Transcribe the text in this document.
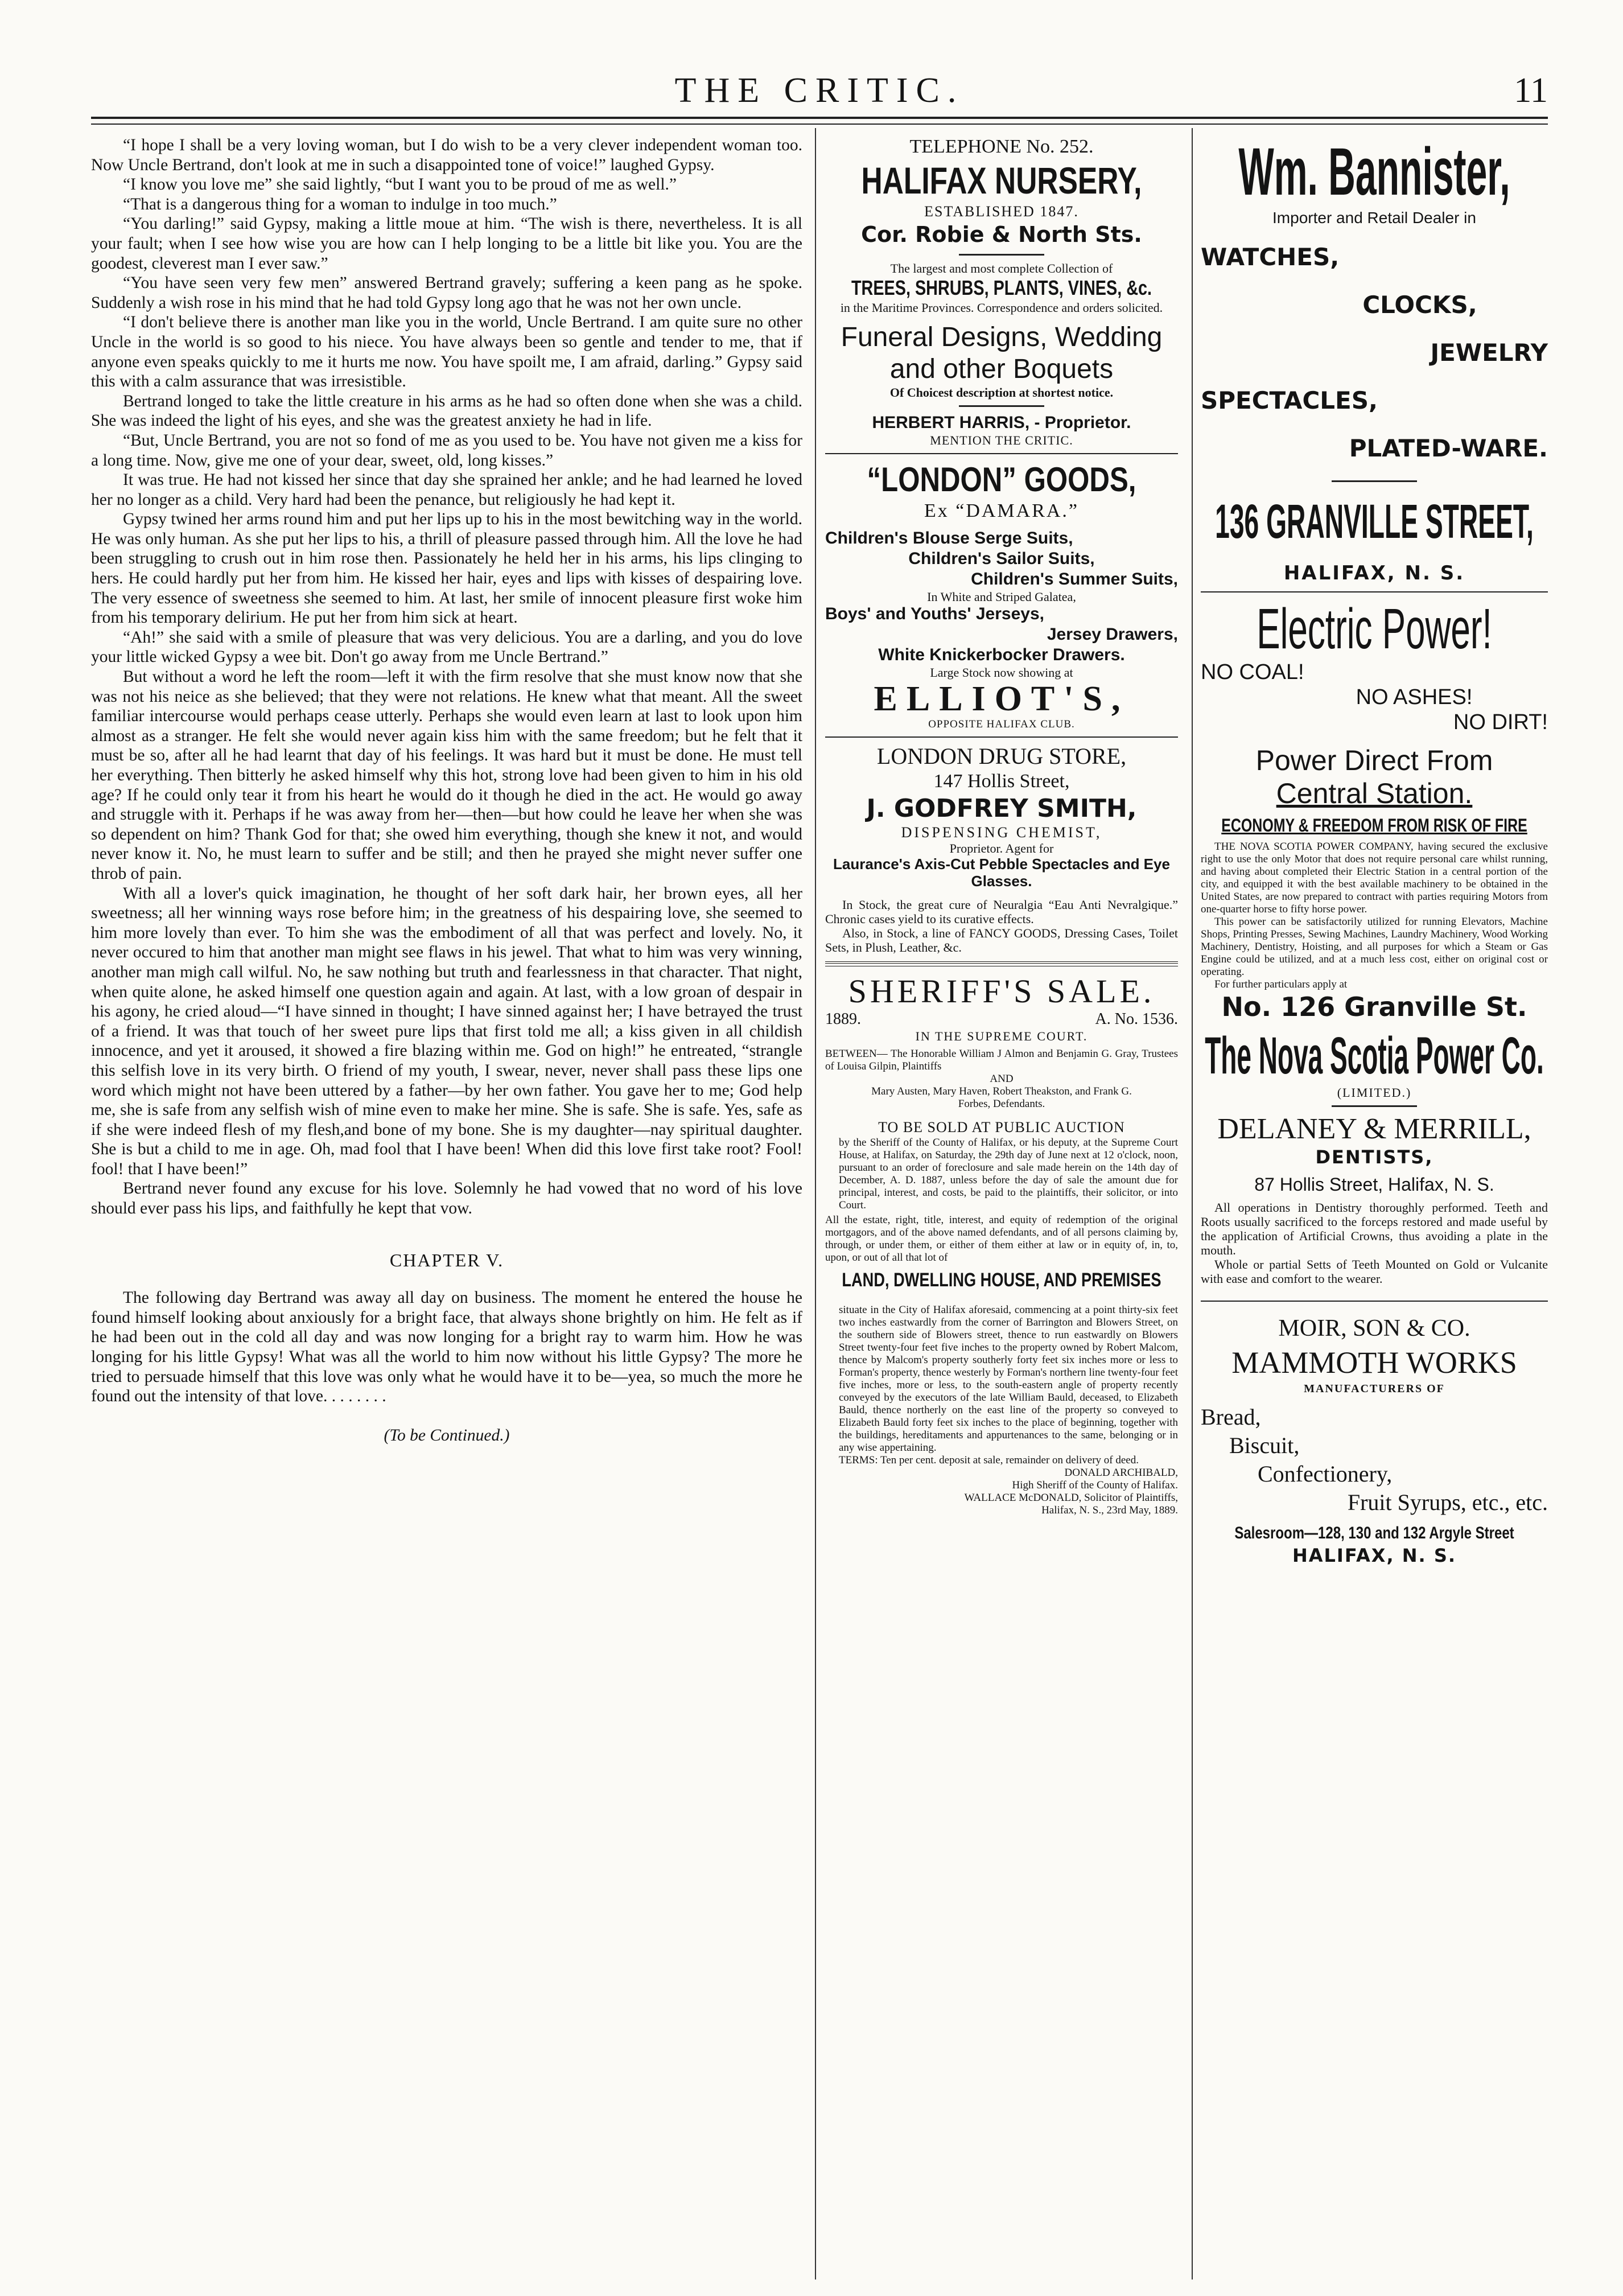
THE CRITIC.	11

“I hope I shall be a very loving woman, but I do wish to be a very clever independent woman too. Now Uncle Bertrand, don't look at me in such a disappointed tone of voice!” laughed Gypsy.

“I know you love me” she said lightly, “but I want you to be proud of me as well.”

“That is a dangerous thing for a woman to indulge in too much.”

“You darling!” said Gypsy, making a little moue at him. “The wish is there, nevertheless. It is all your fault; when I see how wise you are how can I help longing to be a little bit like you. You are the goodest, cleverest man I ever saw.”

“You have seen very few men” answered Bertrand gravely; suffering a keen pang as he spoke. Suddenly a wish rose in his mind that he had told Gypsy long ago that he was not her own uncle.

“I don't believe there is another man like you in the world, Uncle Bertrand. I am quite sure no other Uncle in the world is so good to his niece. You have always been so gentle and tender to me, that if anyone even speaks quickly to me it hurts me now. You have spoilt me, I am afraid, darling.” Gypsy said this with a calm assurance that was irresistible.

Bertrand longed to take the little creature in his arms as he had so often done when she was a child. She was indeed the light of his eyes, and she was the greatest anxiety he had in life.

“But, Uncle Bertrand, you are not so fond of me as you used to be. You have not given me a kiss for a long time. Now, give me one of your dear, sweet, old, long kisses.”

It was true. He had not kissed her since that day she sprained her ankle; and he had learned he loved her no longer as a child. Very hard had been the penance, but religiously he had kept it.

Gypsy twined her arms round him and put her lips up to his in the most bewitching way in the world. He was only human. As she put her lips to his, a thrill of pleasure passed through him. All the love he had been struggling to crush out in him rose then. Passionately he held her in his arms, his lips clinging to hers. He could hardly put her from him. He kissed her hair, eyes and lips with kisses of despairing love. The very essence of sweetness she seemed to him. At last, her smile of innocent pleasure first woke him from his temporary delirium. He put her from him sick at heart.

“Ah!” she said with a smile of pleasure that was very delicious. You are a darling, and you do love your little wicked Gypsy a wee bit. Don't go away from me Uncle Bertrand.”

But without a word he left the room—left it with the firm resolve that she must know now that she was not his neice as she believed; that they were not relations. He knew what that meant. All the sweet familiar intercourse would perhaps cease utterly. Perhaps she would even learn at last to look upon him almost as a stranger. He felt she would never again kiss him with the same freedom; but he felt that it must be so, after all he had learnt that day of his feelings. It was hard but it must be done. He must tell her everything. Then bitterly he asked himself why this hot, strong love had been given to him in his old age? If he could only tear it from his heart he would do it though he died in the act. He would go away and struggle with it. Perhaps if he was away from her—then—but how could he leave her when she was so dependent on him? Thank God for that; she owed him everything, though she knew it not, and would never know it. No, he must learn to suffer and be still; and then he prayed she might never suffer one throb of pain.

With all a lover's quick imagination, he thought of her soft dark hair, her brown eyes, all her sweetness; all her winning ways rose before him; in the greatness of his despairing love, she seemed to him more lovely than ever. To him she was the embodiment of all that was perfect and lovely. No, it never occured to him that another man might see flaws in his jewel. That what to him was very winning, another man migh call wilful. No, he saw nothing but truth and fearlessness in that character. That night, when quite alone, he asked himself one question again and again. At last, with a low groan of despair in his agony, he cried aloud—“I have sinned in thought; I have sinned against her; I have betrayed the trust of a friend. It was that touch of her sweet pure lips that first told me all; a kiss given in all childish innocence, and yet it aroused, it showed a fire blazing within me. God on high!” he entreated, “strangle this selfish love in its very birth. O friend of my youth, I swear, never, never shall pass these lips one word which might not have been uttered by a father—by her own father. You gave her to me; God help me, she is safe from any selfish wish of mine even to make her mine. She is safe. She is safe. Yes, safe as if she were indeed flesh of my flesh,and bone of my bone. She is my daughter—nay spiritual daughter. She is but a child to me in age. Oh, mad fool that I have been! When did this love first take root? Fool! fool! that I have been!”

Bertrand never found any excuse for his love. Solemnly he had vowed that no word of his love should ever pass his lips, and faithfully he kept that vow.

CHAPTER V.

The following day Bertrand was away all day on business. The moment he entered the house he found himself looking about anxiously for a bright face, that always shone brightly on him. He felt as if he had been out in the cold all day and was now longing for a bright ray to warm him. How he was longing for his little Gypsy! What was all the world to him now without his little Gypsy? The more he tried to persuade himself that this love was only what he would have it to be—yea, so much the more he found out the intensity of that love. . . . . . . .

(To be Continued.)

TELEPHONE No. 252.
HALIFAX NURSERY,
ESTABLISHED 1847.
Cor. Robie & North Sts.
The largest and most complete Collection of
TREES, SHRUBS, PLANTS, VINES, &c.
in the Maritime Provinces. Correspondence and orders solicited.
Funeral Designs, Wedding and other Boquets
Of Choicest description at shortest notice.
HERBERT HARRIS, - Proprietor.
MENTION THE CRITIC.
“LONDON” GOODS,
Ex “DAMARA.”
Children's Blouse Serge Suits,
Children's Sailor Suits,
Children's Summer Suits,
In White and Striped Galatea,
Boys' and Youths' Jerseys,
Jersey Drawers,
White Knickerbocker Drawers.
Large Stock now showing at
ELLIOT'S,
OPPOSITE HALIFAX CLUB.
LONDON DRUG STORE,
147 Hollis Street,
J. GODFREY SMITH,
DISPENSING CHEMIST,
Proprietor. Agent for
Laurance's Axis-Cut Pebble Spectacles and Eye Glasses.
In Stock, the great cure of Neuralgia “Eau Anti Nevralgique.” Chronic cases yield to its curative effects.
Also, in Stock, a line of FANCY GOODS, Dressing Cases, Toilet Sets, in Plush, Leather, &c.
SHERIFF'S SALE.
1889.	A. No. 1536.
IN THE SUPREME COURT.
BETWEEN— The Honorable William J Almon and Benjamin G. Gray, Trustees of Louisa Gilpin, Plaintiffs
AND
Mary Austen, Mary Haven, Robert Theakston, and Frank G. Forbes, Defendants.
TO BE SOLD AT PUBLIC AUCTION
by the Sheriff of the County of Halifax, or his deputy, at the Supreme Court House, at Halifax, on Saturday, the 29th day of June next at 12 o'clock, noon, pursuant to an order of foreclosure and sale made herein on the 14th day of December, A. D. 1887, unless before the day of sale the amount due for principal, interest, and costs, be paid to the plaintiffs, their solicitor, or into Court.
All the estate, right, title, interest, and equity of redemption of the original mortgagors, and of the above named defendants, and of all persons claiming by, through, or under them, or either of them either at law or in equity of, in, to, upon, or out of all that lot of
LAND, DWELLING HOUSE, AND PREMISES
situate in the City of Halifax aforesaid, commencing at a point thirty-six feet two inches eastwardly from the corner of Barrington and Blowers Street, on the southern side of Blowers street, thence to run eastwardly on Blowers Street twenty-four feet five inches to the property owned by Robert Malcom, thence by Malcom's property southerly forty feet six inches more or less to Forman's property, thence westerly by Forman's northern line twenty-four feet five inches, more or less, to the south-eastern angle of property recently conveyed by the executors of the late William Bauld, deceased, to Elizabeth Bauld, thence northerly on the east line of the property so conveyed to Elizabeth Bauld forty feet six inches to the place of beginning, together with the buildings, hereditaments and appurtenances to the same, belonging or in any wise appertaining.
TERMS: Ten per cent. deposit at sale, remainder on delivery of deed.
DONALD ARCHIBALD,
High Sheriff of the County of Halifax.
WALLACE McDONALD, Solicitor of Plaintiffs,
Halifax, N. S., 23rd May, 1889.
Wm. Bannister,
Importer and Retail Dealer in
WATCHES,
CLOCKS,
JEWELRY
SPECTACLES,
PLATED-WARE.
136 GRANVILLE STREET,
HALIFAX, N. S.
Electric Power!
NO COAL!
NO ASHES!
NO DIRT!
Power Direct From
Central Station.
ECONOMY & FREEDOM FROM RISK OF FIRE
THE NOVA SCOTIA POWER COMPANY, having secured the exclusive right to use the only Motor that does not require personal care whilst running, and having about completed their Electric Station in a central portion of the city, and equipped it with the best available machinery to be obtained in the United States, are now prepared to contract with parties requiring Motors from one-quarter horse to fifty horse power.
This power can be satisfactorily utilized for running Elevators, Machine Shops, Printing Presses, Sewing Machines, Laundry Machinery, Wood Working Machinery, Dentistry, Hoisting, and all purposes for which a Steam or Gas Engine could be utilized, and at a much less cost, either on original cost or operating.
For further particulars apply at
No. 126 Granville St.
The Nova Scotia Power Co.
(LIMITED.)
DELANEY & MERRILL,
DENTISTS,
87 Hollis Street, Halifax, N. S.
All operations in Dentistry thoroughly performed. Teeth and Roots usually sacrificed to the forceps restored and made useful by the application of Artificial Crowns, thus avoiding a plate in the mouth.
Whole or partial Setts of Teeth Mounted on Gold or Vulcanite with ease and comfort to the wearer.
MOIR, SON & CO.
MAMMOTH WORKS
MANUFACTURERS OF
Bread,
Biscuit,
Confectionery,
Fruit Syrups, etc., etc.
Salesroom—128, 130 and 132 Argyle Street
HALIFAX, N. S.
